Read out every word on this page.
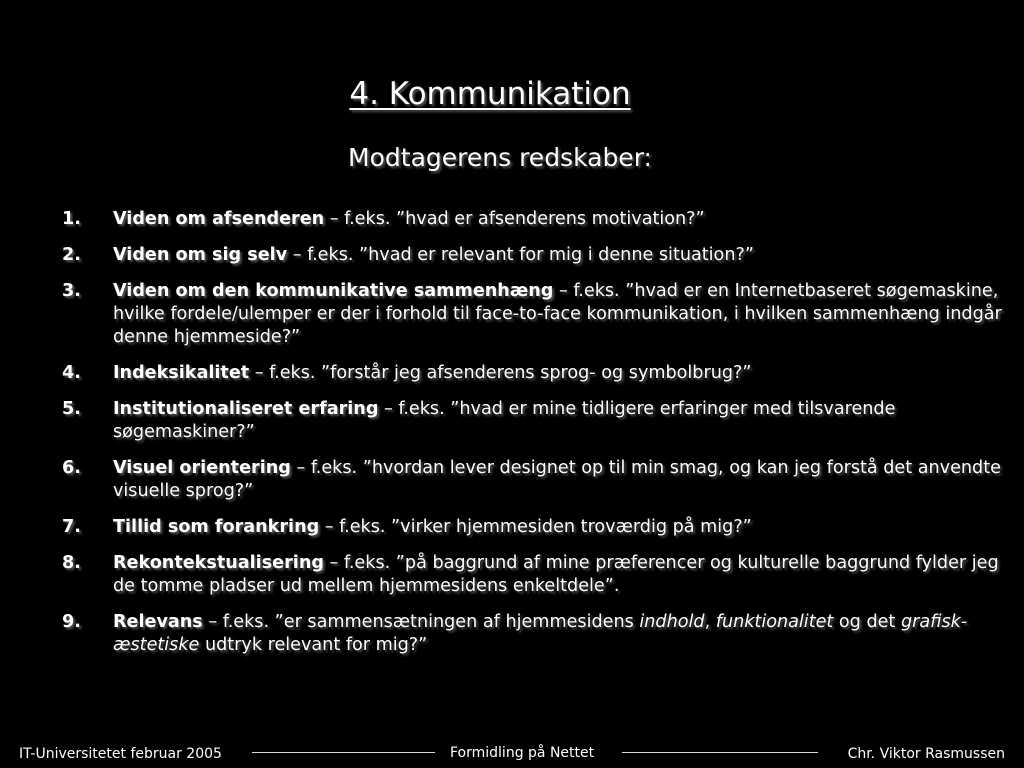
4. Kommunikation
Modtagerens redskaber:
1. Viden om afsenderen – f.eks. ”hvad er afsenderens motivation?”
2. Viden om sig selv – f.eks. ”hvad er relevant for mig i denne situation?”
3. Viden om den kommunikative sammenhæng – f.eks. ”hvad er en Internetbaseret søgemaskine, hvilke fordele/ulemper er der i forhold til face-to-face kommunikation, i hvilken sammenhæng indgår denne hjemmeside?”
4. Indeksikalitet – f.eks. ”forstår jeg afsenderens sprog- og symbolbrug?”
5. Institutionaliseret erfaring – f.eks. ”hvad er mine tidligere erfaringer med tilsvarende søgemaskiner?”
6. Visuel orientering – f.eks. ”hvordan lever designet op til min smag, og kan jeg forstå det anvendte visuelle sprog?”
7. Tillid som forankring – f.eks. ”virker hjemmesiden troværdig på mig?”
8. Rekontekstualisering – f.eks. ”på baggrund af mine præferencer og kulturelle baggrund fylder jeg de tomme pladser ud mellem hjemmesidens enkeltdele”.
9. Relevans – f.eks. ”er sammensætningen af hjemmesidens indhold, funktionalitet og det grafisk-æstetiske udtryk relevant for mig?”
IT-Universitetet februar 2005	Formidling på Nettet	Chr. Viktor Rasmussen
